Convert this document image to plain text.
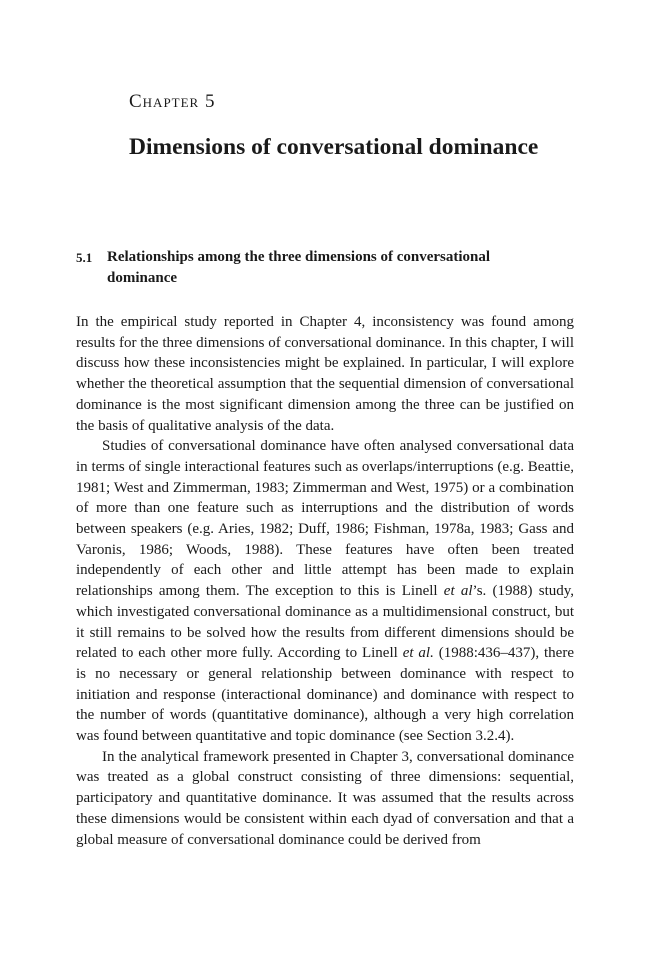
Chapter 5
Dimensions of conversational dominance
5.1 Relationships among the three dimensions of conversational dominance

In the empirical study reported in Chapter 4, inconsistency was found among results for the three dimensions of conversational dominance. In this chapter, I will discuss how these inconsistencies might be explained. In particular, I will explore whether the theoretical assumption that the sequential dimension of conversational dominance is the most significant dimension among the three can be justified on the basis of qualitative analysis of the data.

Studies of conversational dominance have often analysed conversational data in terms of single interactional features such as overlaps/interruptions (e.g. Beattie, 1981; West and Zimmerman, 1983; Zimmerman and West, 1975) or a combination of more than one feature such as interruptions and the distribution of words between speakers (e.g. Aries, 1982; Duff, 1986; Fishman, 1978a, 1983; Gass and Varonis, 1986; Woods, 1988). These features have often been treated independently of each other and little attempt has been made to explain relationships among them. The exception to this is Linell et al’s. (1988) study, which investigated conversational dominance as a multidimensional construct, but it still remains to be solved how the results from different dimensions should be related to each other more fully. According to Linell et al. (1988:436–437), there is no necessary or general relationship between dominance with respect to initiation and response (interactional dominance) and dominance with respect to the number of words (quantitative dominance), although a very high correlation was found between quantitative and topic dominance (see Section 3.2.4).

In the analytical framework presented in Chapter 3, conversational dominance was treated as a global construct consisting of three dimensions: sequential, participatory and quantitative dominance. It was assumed that the results across these dimensions would be consistent within each dyad of conversation and that a global measure of conversational dominance could be derived from
